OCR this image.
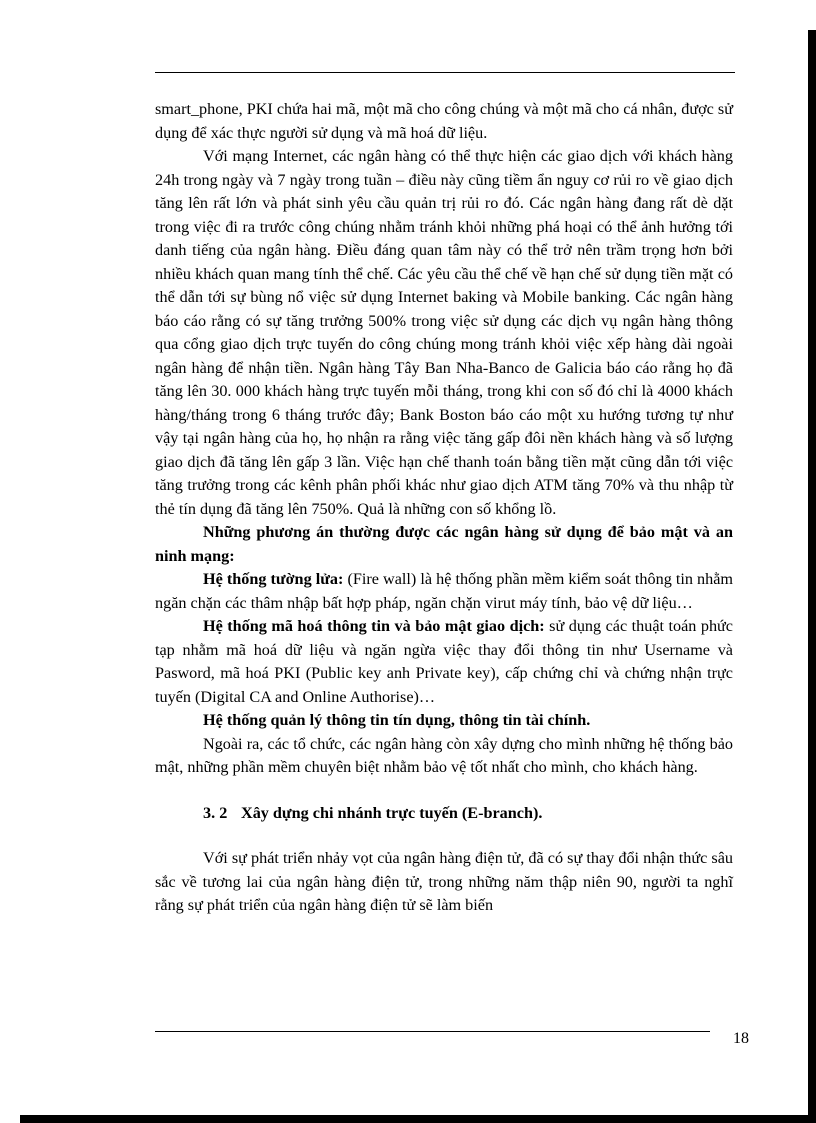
smart_phone, PKI chứa hai mã, một mã cho công chúng và một mã cho cá nhân, được sử dụng để xác thực người sử dụng và mã hoá dữ liệu.

Với mạng Internet, các ngân hàng có thể thực hiện các giao dịch với khách hàng 24h trong ngày và 7 ngày trong tuần – điều này cũng tiềm ẩn nguy cơ rủi ro về giao dịch tăng lên rất lớn và phát sinh yêu cầu quản trị rủi ro đó. Các ngân hàng đang rất dè dặt trong việc đi ra trước công chúng nhằm tránh khỏi những phá hoại có thể ảnh hưởng tới danh tiếng của ngân hàng. Điều đáng quan tâm này có thể trở nên trầm trọng hơn bởi nhiều khách quan mang tính thể chế. Các yêu cầu thể chế về hạn chế sử dụng tiền mặt có thể dẫn tới sự bùng nổ việc sử dụng Internet baking và Mobile banking. Các ngân hàng báo cáo rằng có sự tăng trưởng 500% trong việc sử dụng các dịch vụ ngân hàng thông qua cổng giao dịch trực tuyến do công chúng mong tránh khỏi việc xếp hàng dài ngoài ngân hàng để nhận tiền. Ngân hàng Tây Ban Nha-Banco de Galicia báo cáo rằng họ đã tăng lên 30. 000 khách hàng trực tuyến mỗi tháng, trong khi con số đó chỉ là 4000 khách hàng/tháng trong 6 tháng trước đây; Bank Boston báo cáo một xu hướng tương tự như vậy tại ngân hàng của họ, họ nhận ra rằng việc tăng gấp đôi nền khách hàng và số lượng giao dịch đã tăng lên gấp 3 lần. Việc hạn chế thanh toán bằng tiền mặt cũng dẫn tới việc tăng trưởng trong các kênh phân phối khác như giao dịch ATM tăng 70% và thu nhập từ thẻ tín dụng đã tăng lên 750%. Quả là những con số khổng lồ.

Những phương án thường được các ngân hàng sử dụng để bảo mật và an ninh mạng:

Hệ thống tường lửa: (Fire wall) là hệ thống phần mềm kiểm soát thông tin nhằm ngăn chặn các thâm nhập bất hợp pháp, ngăn chặn virut máy tính, bảo vệ dữ liệu…

Hệ thống mã hoá thông tin và bảo mật giao dịch: sử dụng các thuật toán phức tạp nhằm mã hoá dữ liệu và ngăn ngừa việc thay đổi thông tin như Username và Pasword, mã hoá PKI (Public key anh Private key), cấp chứng chỉ và chứng nhận trực tuyến (Digital CA and Online Authorise)…

Hệ thống quản lý thông tin tín dụng, thông tin tài chính.

Ngoài ra, các tổ chức, các ngân hàng còn xây dựng cho mình những hệ thống bảo mật, những phần mềm chuyên biệt nhằm bảo vệ tốt nhất cho mình, cho khách hàng.

3. 2 Xây dựng chi nhánh trực tuyến (E-branch).

Với sự phát triển nhảy vọt của ngân hàng điện tử, đã có sự thay đổi nhận thức sâu sắc về tương lai của ngân hàng điện tử, trong những năm thập niên 90, người ta nghĩ rằng sự phát triển của ngân hàng điện tử sẽ làm biến

18
